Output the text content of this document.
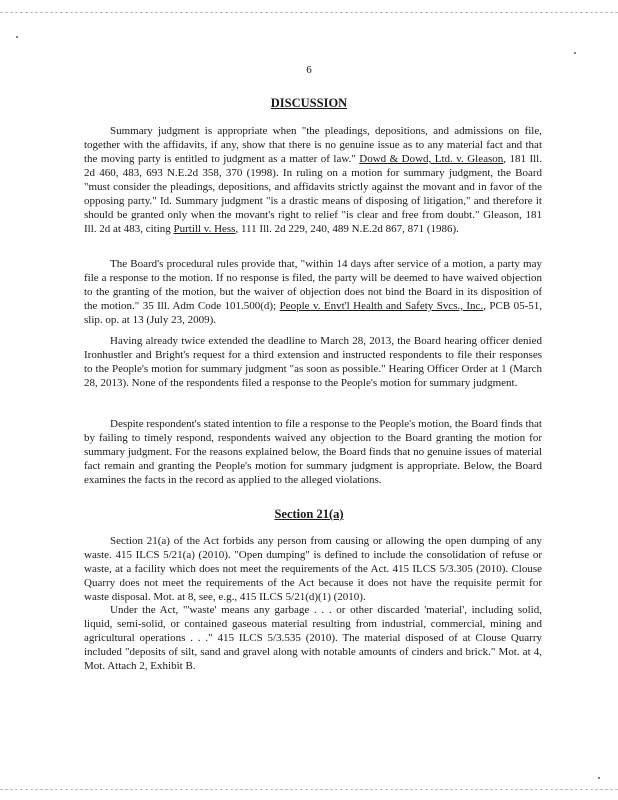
6
DISCUSSION

Summary judgment is appropriate when "the pleadings, depositions, and admissions on file, together with the affidavits, if any, show that there is no genuine issue as to any material fact and that the moving party is entitled to judgment as a matter of law." Dowd & Dowd, Ltd. v. Gleason, 181 Ill. 2d 460, 483, 693 N.E.2d 358, 370 (1998). In ruling on a motion for summary judgment, the Board "must consider the pleadings, depositions, and affidavits strictly against the movant and in favor of the opposing party." Id. Summary judgment "is a drastic means of disposing of litigation," and therefore it should be granted only when the movant's right to relief "is clear and free from doubt." Gleason, 181 Ill. 2d at 483, citing Purtill v. Hess, 111 Ill. 2d 229, 240, 489 N.E.2d 867, 871 (1986).

The Board's procedural rules provide that, "within 14 days after service of a motion, a party may file a response to the motion. If no response is filed, the party will be deemed to have waived objection to the granting of the motion, but the waiver of objection does not bind the Board in its disposition of the motion." 35 Ill. Adm Code 101.500(d); People v. Envt'l Health and Safety Svcs., Inc., PCB 05-51, slip. op. at 13 (July 23, 2009).

Having already twice extended the deadline to March 28, 2013, the Board hearing officer denied Ironhustler and Bright's request for a third extension and instructed respondents to file their responses to the People's motion for summary judgment "as soon as possible." Hearing Officer Order at 1 (March 28, 2013). None of the respondents filed a response to the People's motion for summary judgment.

Despite respondent's stated intention to file a response to the People's motion, the Board finds that by failing to timely respond, respondents waived any objection to the Board granting the motion for summary judgment. For the reasons explained below, the Board finds that no genuine issues of material fact remain and granting the People's motion for summary judgment is appropriate. Below, the Board examines the facts in the record as applied to the alleged violations.

Section 21(a)

Section 21(a) of the Act forbids any person from causing or allowing the open dumping of any waste. 415 ILCS 5/21(a) (2010). "Open dumping" is defined to include the consolidation of refuse or waste, at a facility which does not meet the requirements of the Act. 415 ILCS 5/3.305 (2010). Clouse Quarry does not meet the requirements of the Act because it does not have the requisite permit for waste disposal. Mot. at 8, see, e.g., 415 ILCS 5/21(d)(1) (2010).

Under the Act, "'waste' means any garbage . . . or other discarded 'material', including solid, liquid, semi-solid, or contained gaseous material resulting from industrial, commercial, mining and agricultural operations . . ." 415 ILCS 5/3.535 (2010). The material disposed of at Clouse Quarry included "deposits of silt, sand and gravel along with notable amounts of cinders and brick." Mot. at 4, Mot. Attach 2, Exhibit B.
